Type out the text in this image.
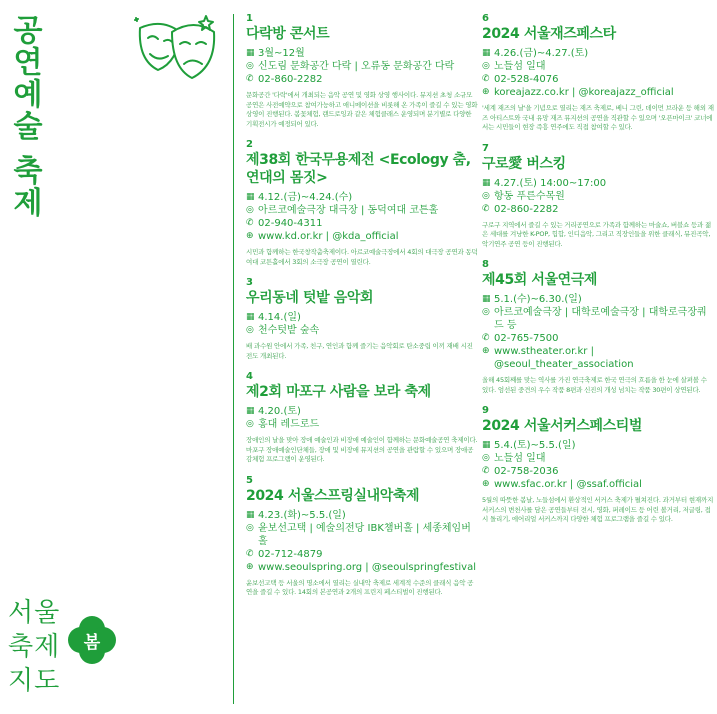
공연예술 축제	1
다락방 콘서트
▦ 3월~12월
◎ 신도림 문화공간 다락 | 오류동 문화공간 다락
✆ 02-860-2282
문화공간 '다락'에서 개최되는 음악 공연 및 영화 상영 행사이다. 뮤지션 초청 소규모 공연은 사전예약으로 참여가능하고 애니메이션을 비롯해 온 가족이 즐길 수 있는 영화 상영이 진행된다. 봄꽃체험, 랜드로잉과 같은 체험클래스 운영되며 분기별로 다양한 기획전시가 예정되어 있다.
2
제38회 한국무용제전 <Ecology 춤, 연대의 몸짓>
▦ 4.12.(금)~4.24.(수)
◎ 아르코예술극장 대극장 | 동덕여대 코튼홀
✆ 02-940-4311
⊕ www.kd.or.kr | @kda_official
시민과 함께하는 한국창작춤축제이다. 아르코예술극장에서 4회의 대극장 공연과 동덕여대 코튼홀에서 3회의 소극장 공연이 열린다.
3
우리동네 텃밭 음악회
▦ 4.14.(일)
◎ 천수텃밭 숲속
배 과수원 안에서 가족, 친구, 연인과 함께 즐기는 음악회로 탄소중립 이끼 재배 시진전도 개최된다.
4
제2회 마포구 사람을 보라 축제
▦ 4.20.(토)
◎ 홍대 레드로드
장애인의 날을 맞아 장애 예술인과 비장애 예술인이 함께하는 문화예술공연 축제이다. 마포구 장애예술인단체들, 장애 및 비장애 뮤지션의 공연을 관람할 수 있으며 장애공감체험 프로그램이 운영된다.
5
2024 서울스프링실내악축제
▦ 4.23.(화)~5.5.(일)
◎ 윤보선고택 | 예술의전당 IBK챔버홀 | 세종체임버홀
✆ 02-712-4879
⊕ www.seoulspring.org | @seoulspringfestival
윤보선고택 등 서울의 명소에서 열리는 실내악 축제로 세계적 수준의 클래식 음악 공연을 즐길 수 있다. 14회의 본공연과 2개의 프린지 페스티벌이 진행된다.
6
2024 서울재즈페스타
▦ 4.26.(금)~4.27.(토)
◎ 노들섬 일대
✆ 02-528-4076
⊕ koreajazz.co.kr | @koreajazz_official
'세계 재즈의 날'을 기념으로 열리는 재즈 축제로, 베니 그린, 데이먼 브라운 등 해외 재즈 아티스트와 국내 유망 재즈 뮤지션의 공연을 직관할 수 있으며 '오픈마이크' 코너에서는 시민들이 현장 즉흥 연주에도 직접 참여할 수 있다.
7
구로愛 버스킹
▦ 4.27.(토) 14:00~17:00
◎ 항동 푸른수목원
✆ 02-860-2282
구로구 지역에서 즐길 수 있는 거리공연으로 가족과 함께하는 마술쇼, 버블쇼 등과 젊은 세대를 겨냥한 K-POP, 힙합, 인디음악, 그리고 직장인들을 위한 클래식, 뮤진곡악, 악기연주 공연 등이 진행된다.
8
제45회 서울연극제
▦ 5.1.(수)~6.30.(일)
◎ 아르코예술극장 | 대학로예술극장 | 대학로극장쿼드 등
✆ 02-765-7500
⊕ www.stheater.or.kr | @seoul_theater_association
올해 45회째를 맞는 역사를 가진 연극축제로 한국 연극의 흐름을 한 눈에 살펴볼 수 있다. 엄선된 중견의 우수 작품 8편과 신진의 개성 넘치는 작품 30편이 상연된다.
9
2024 서울서커스페스티벌
▦ 5.4.(토)~5.5.(일)
◎ 노들섬 일대
✆ 02-758-2036
⊕ www.sfac.or.kr | @ssaf.official
5월의 따뜻한 봄날, 노들섬에서 환상적인 서커스 축제가 펼쳐진다. 과거부터 현재까지 서커스의 변천사를 담은 공연들부터 전시, 영화, 퍼레이드 등 어린 볼거리, 저글링, 접시 돌리기, 에어리얼 서커스까지 다양한 체험 프로그램을 즐길 수 있다.
서울
축제
지도
봄
